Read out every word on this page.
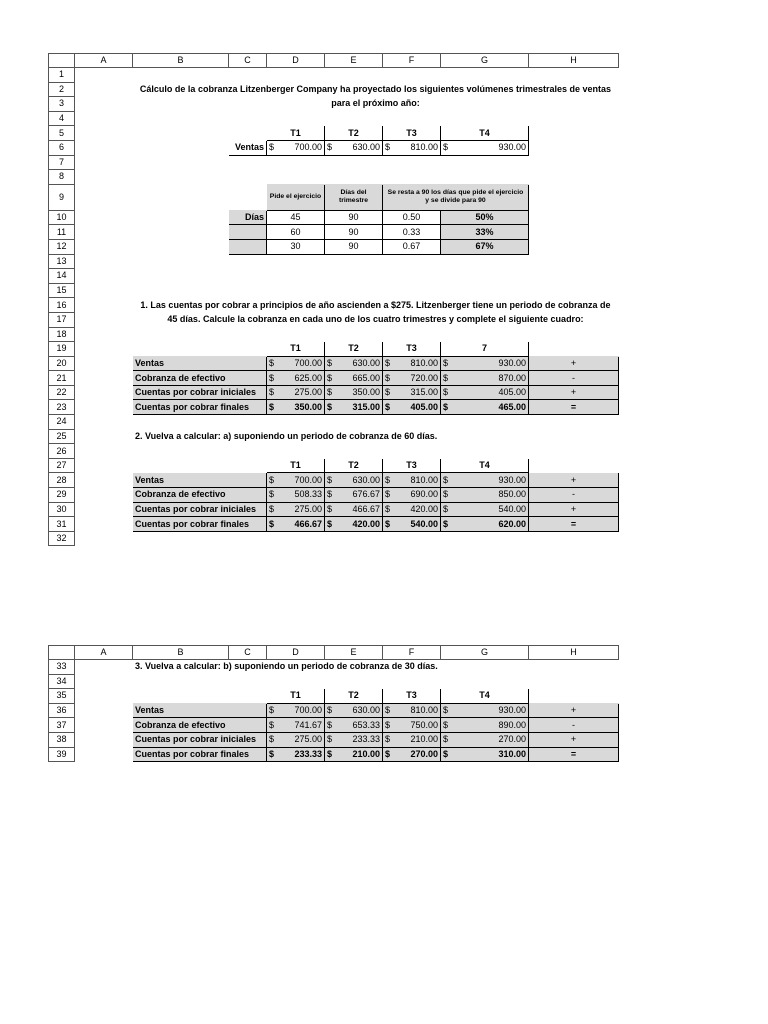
	A	B	C	D	E	F	G	H
1								
2		Cálculo de la cobranza Litzenberger Company ha proyectado los siguientes volúmenes trimestrales de ventas						
3		para el próximo año:						
4								
5				T1	T2	T3	T4	
6			Ventas	$ 700.00	$ 630.00	$ 810.00	$ 930.00	

7								
8								
9				Pide el ejercicio	Días del trimestre	Se resta a 90 los días que pide el ejercicio y se divide para 90		

10			Días	45	90	0.50	50%	
11				60	90	0.33	33%	
12				30	90	0.67	67%	
13								
14								
15								
16		1. Las cuentas por cobrar a principios de año ascienden a $275. Litzenberger tiene un periodo de cobranza de						
17		45 días. Calcule la cobranza en cada uno de los cuatro trimestres y complete el siguiente cuadro:						
18								
19				T1	T2	T3	7	
20		Ventas		$ 700.00	$ 630.00	$ 810.00	$ 930.00	+
21		Cobranza de efectivo		$ 625.00	$ 665.00	$ 720.00	$ 870.00	-
22		Cuentas por cobrar iniciales		$ 275.00	$ 350.00	$ 315.00	$ 405.00	+
23		Cuentas por cobrar finales		$ 350.00	$ 315.00	$ 405.00	$ 465.00	=
24								
25		2. Vuelva a calcular: a) suponiendo un periodo de cobranza de 60 días.						
26								
27				T1	T2	T3	T4	
28		Ventas		$ 700.00	$ 630.00	$ 810.00	$ 930.00	+
29		Cobranza de efectivo		$ 508.33	$ 676.67	$ 690.00	$ 850.00	-
30		Cuentas por cobrar iniciales		$ 275.00	$ 466.67	$ 420.00	$ 540.00	+
31		Cuentas por cobrar finales		$ 466.67	$ 420.00	$ 540.00	$ 620.00	=
32								
	A	B	C	D	E	F	G	H
33		3. Vuelva a calcular: b) suponiendo un periodo de cobranza de 30 días.						
34								
35				T1	T2	T3	T4	
36		Ventas		$ 700.00	$ 630.00	$ 810.00	$ 930.00	+
37		Cobranza de efectivo		$ 741.67	$ 653.33	$ 750.00	$ 890.00	-
38		Cuentas por cobrar iniciales		$ 275.00	$ 233.33	$ 210.00	$ 270.00	+
39		Cuentas por cobrar finales		$ 233.33	$ 210.00	$ 270.00	$ 310.00	=
